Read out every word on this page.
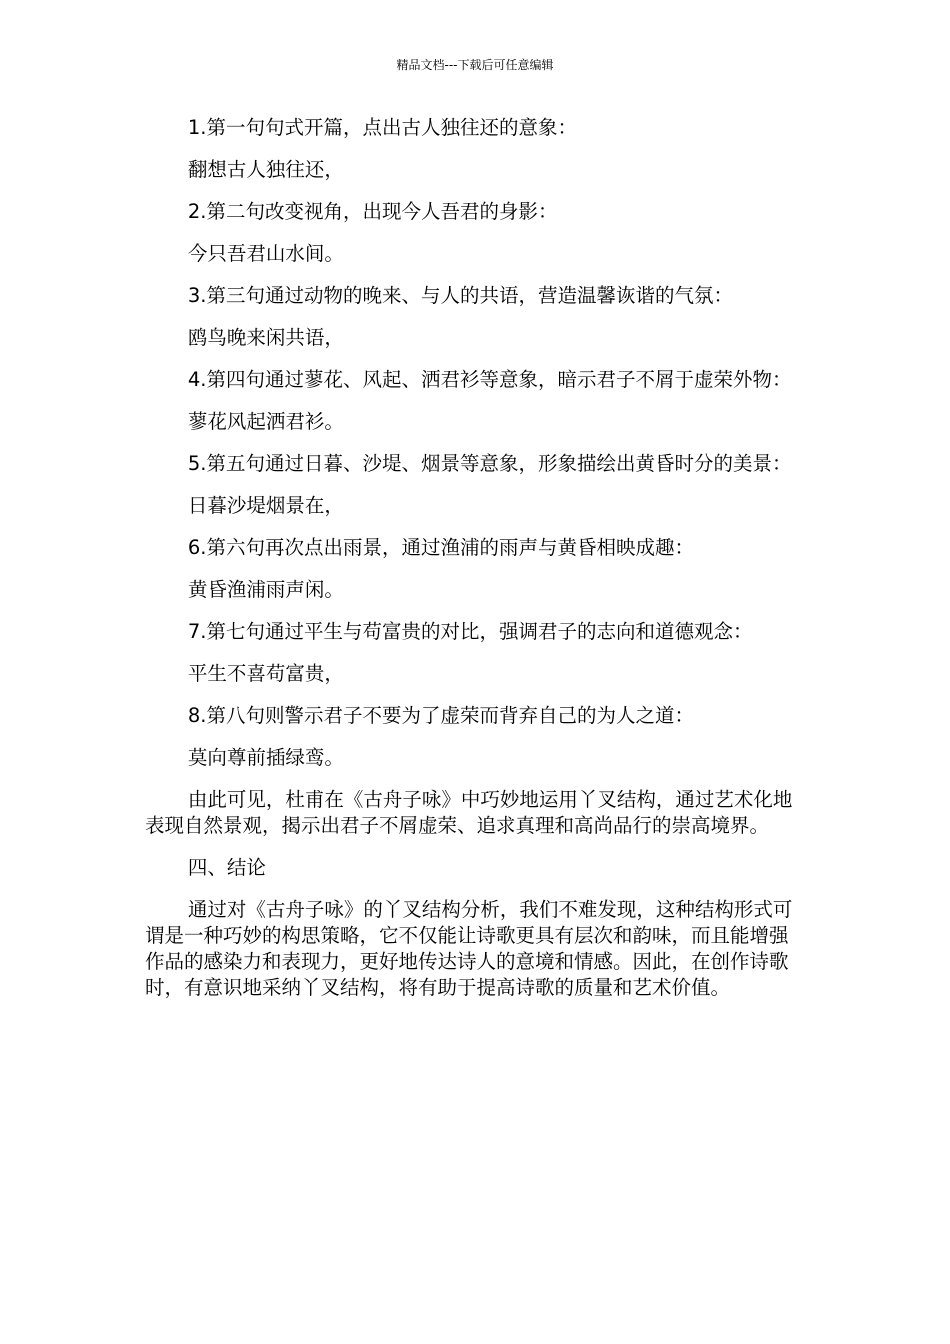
精品文档---下载后可任意编辑

1.第一句句式开篇，点出古人独往还的意象：

翻想古人独往还，

2.第二句改变视角，出现今人吾君的身影：

今只吾君山水间。

3.第三句通过动物的晚来、与人的共语，营造温馨诙谐的气氛：

鸥鸟晚来闲共语，

4.第四句通过蓼花、风起、洒君衫等意象，暗示君子不屑于虚荣外物：

蓼花风起洒君衫。

5.第五句通过日暮、沙堤、烟景等意象，形象描绘出黄昏时分的美景：

日暮沙堤烟景在，

6.第六句再次点出雨景，通过渔浦的雨声与黄昏相映成趣：

黄昏渔浦雨声闲。

7.第七句通过平生与苟富贵的对比，强调君子的志向和道德观念：

平生不喜苟富贵，

8.第八句则警示君子不要为了虚荣而背弃自己的为人之道：

莫向尊前插绿鸾。

由此可见，杜甫在《古舟子咏》中巧妙地运用丫叉结构，通过艺术化地表现自然景观，揭示出君子不屑虚荣、追求真理和高尚品行的崇高境界。

四、结论

通过对《古舟子咏》的丫叉结构分析，我们不难发现，这种结构形式可谓是一种巧妙的构思策略，它不仅能让诗歌更具有层次和韵味，而且能增强作品的感染力和表现力，更好地传达诗人的意境和情感。因此，在创作诗歌时，有意识地采纳丫叉结构，将有助于提高诗歌的质量和艺术价值。
